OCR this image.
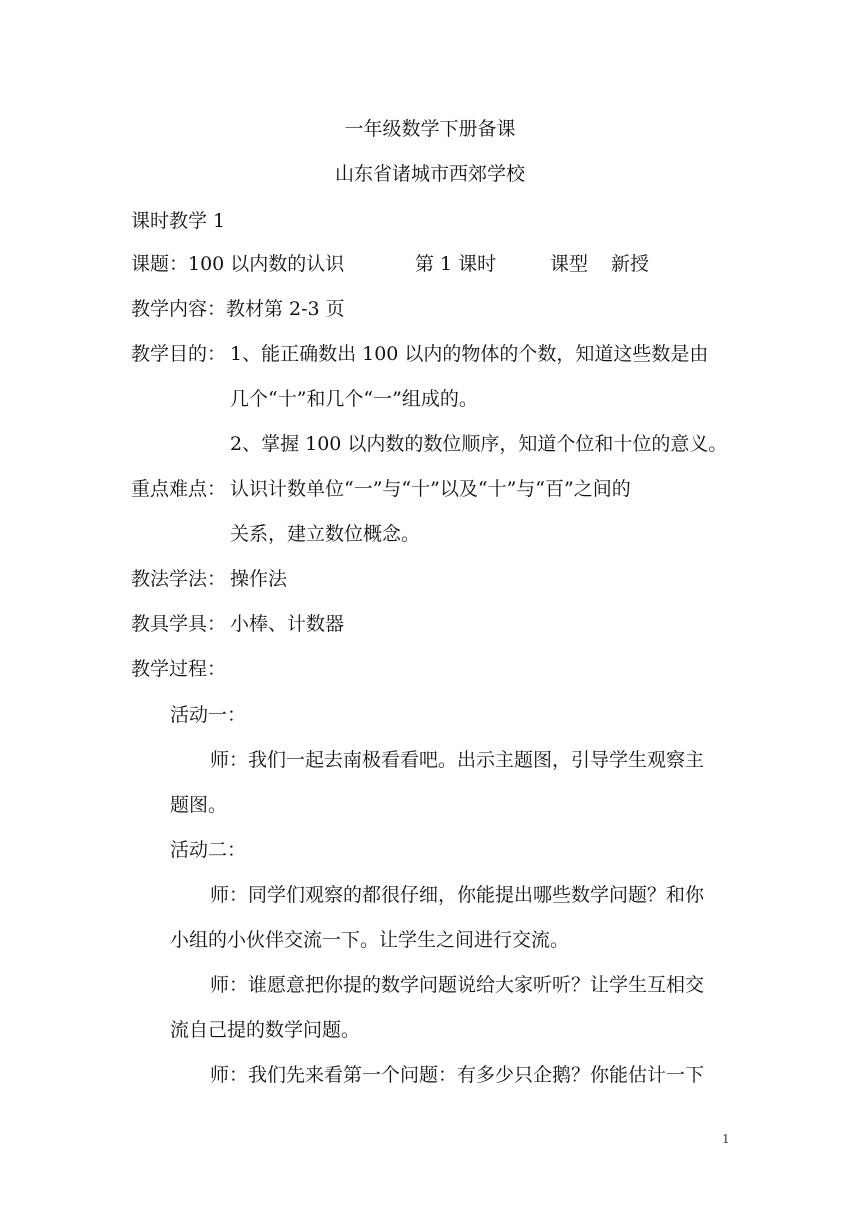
一年级数学下册备课
山东省诸城市西郊学校
课时教学 1
课题： 100 以内数的认识	第 1 课时	课型 新授
教学内容： 教材第 2-3 页
教学目的： 1、能正确数出 100 以内的物体的个数，知道这些数是由
几个“十”和几个“一”组成的。
2、掌握 100 以内数的数位顺序，知道个位和十位的意义。
重点难点： 认识计数单位“一”与“十”以及“十”与“百”之间的
关系，建立数位概念。
教法学法： 操作法
教具学具： 小棒、计数器
教学过程：
活动一：
师：我们一起去南极看看吧。出示主题图，引导学生观察主
题图。
活动二：
师：同学们观察的都很仔细，你能提出哪些数学问题？和你
小组的小伙伴交流一下。让学生之间进行交流。
师：谁愿意把你提的数学问题说给大家听听？让学生互相交
流自己提的数学问题。
师：我们先来看第一个问题：有多少只企鹅？你能估计一下
1
